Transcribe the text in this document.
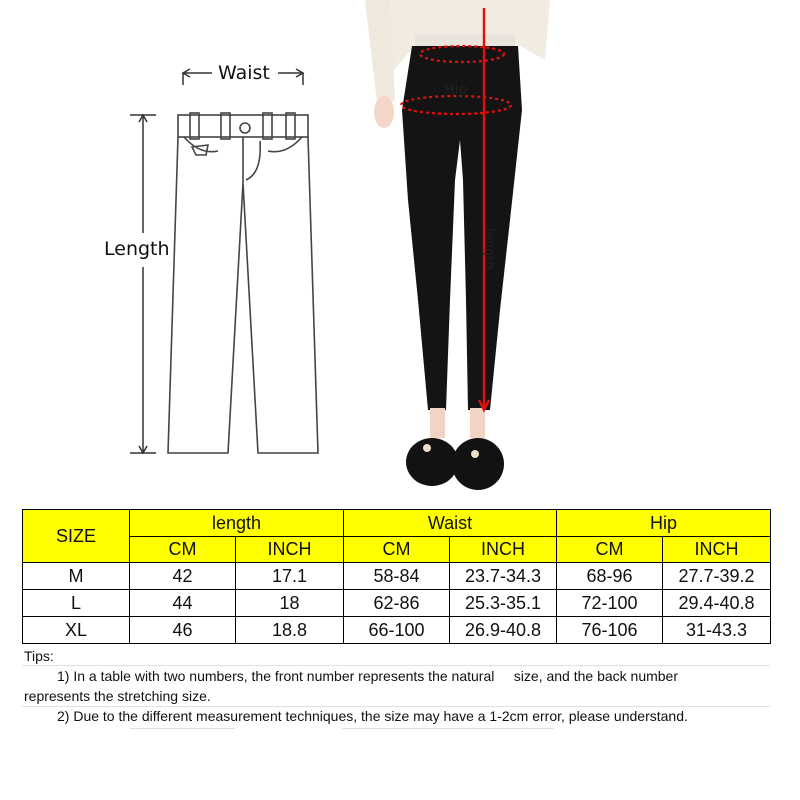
Waist
Length
Hip
length
SIZE	length		Waist		Hip	
	CM	INCH	CM	INCH	CM	INCH
M	42	17.1	58-84	23.7-34.3	68-96	27.7-39.2
L	44	18	62-86	25.3-35.1	72-100	29.4-40.8
XL	46	18.8	66-100	26.9-40.8	76-106	31-43.3
Tips:
1) In a table with two numbers, the front number represents the natural     size, and the back number
represents the stretching size.
2) Due to the different measurement techniques, the size may have a 1-2cm error, please understand.
